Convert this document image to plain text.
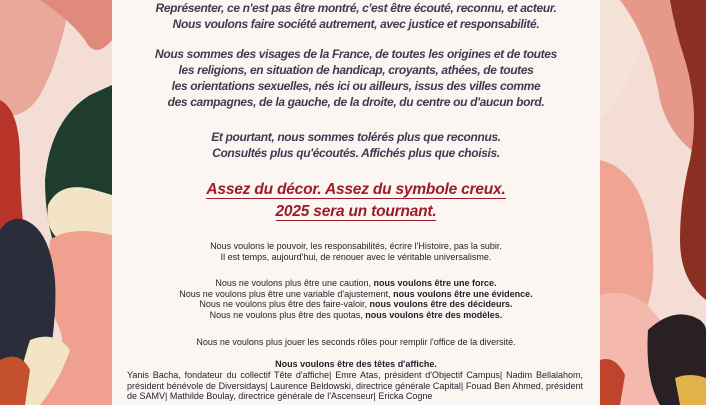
Représenter, ce n'est pas être montré, c'est être écouté, reconnu, et acteur.
Nous voulons faire société autrement, avec justice et responsabilité.

Nous sommes des visages de la France, de toutes les origines et de toutes
les religions, en situation de handicap, croyants, athées, de toutes
les orientations sexuelles, nés ici ou ailleurs, issus des villes comme
des campagnes, de la gauche, de la droite, du centre ou d'aucun bord.

Et pourtant, nous sommes tolérés plus que reconnus.
Consultés plus qu'écoutés. Affichés plus que choisis.

Assez du décor. Assez du symbole creux.
2025 sera un tournant.

Nous voulons le pouvoir, les responsabilités, écrire l'Histoire, pas la subir.
Il est temps, aujourd'hui, de renouer avec le véritable universalisme.

Nous ne voulons plus être une caution, nous voulons être une force.
Nous ne voulons plus être une variable d'ajustement, nous voulons être une évidence.
Nous ne voulons plus être des faire-valoir, nous voulons être des décideurs.
Nous ne voulons plus être des quotas, nous voulons être des modèles.

Nous ne voulons plus jouer les seconds rôles pour remplir l'office de la diversité.

Nous voulons être des têtes d'affiche.

Yanis Bacha, fondateur du collectif Tête d'affiche| Emre Atas, président d'Objectif Campus| Nadim Bellalahom, président bénévole de Diversidays| Laurence Beldowski, directrice générale Capital| Fouad Ben Ahmed, président de SAMV| Mathilde Boulay, directrice générale de l'Ascenseur| Ericka Cogne
